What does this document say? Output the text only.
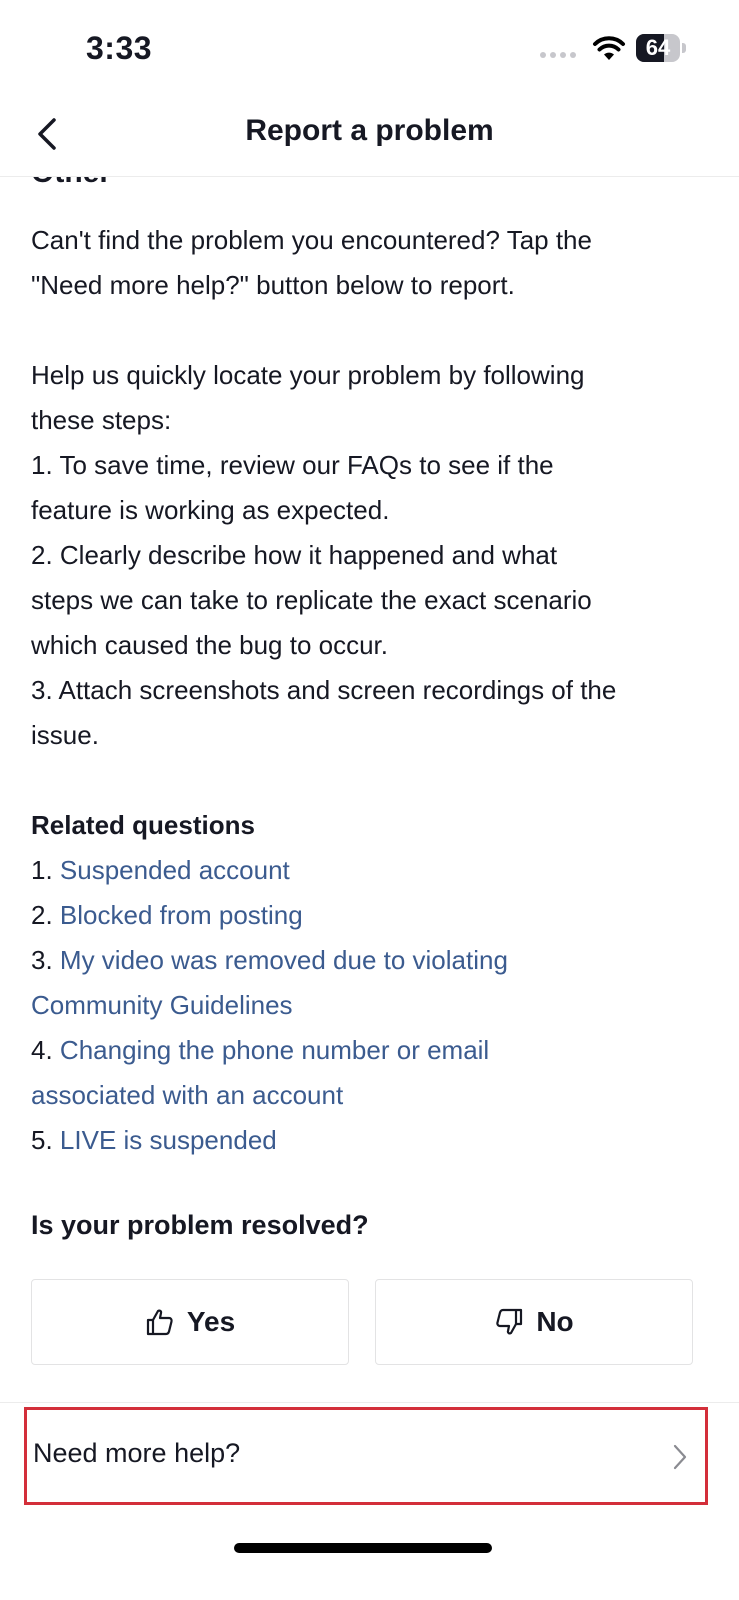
3:33	64
Report a problem
Can't find the problem you encountered? Tap the
"Need more help?" button below to report.
Help us quickly locate your problem by following
these steps:
1. To save time, review our FAQs to see if the
feature is working as expected.
2. Clearly describe how it happened and what
steps we can take to replicate the exact scenario
which caused the bug to occur.
3. Attach screenshots and screen recordings of the
issue.
Related questions
1. Suspended account
2. Blocked from posting
3. My video was removed due to violating
Community Guidelines
4. Changing the phone number or email
associated with an account
5. LIVE is suspended
Is your problem resolved?
Yes	No
Need more help?
